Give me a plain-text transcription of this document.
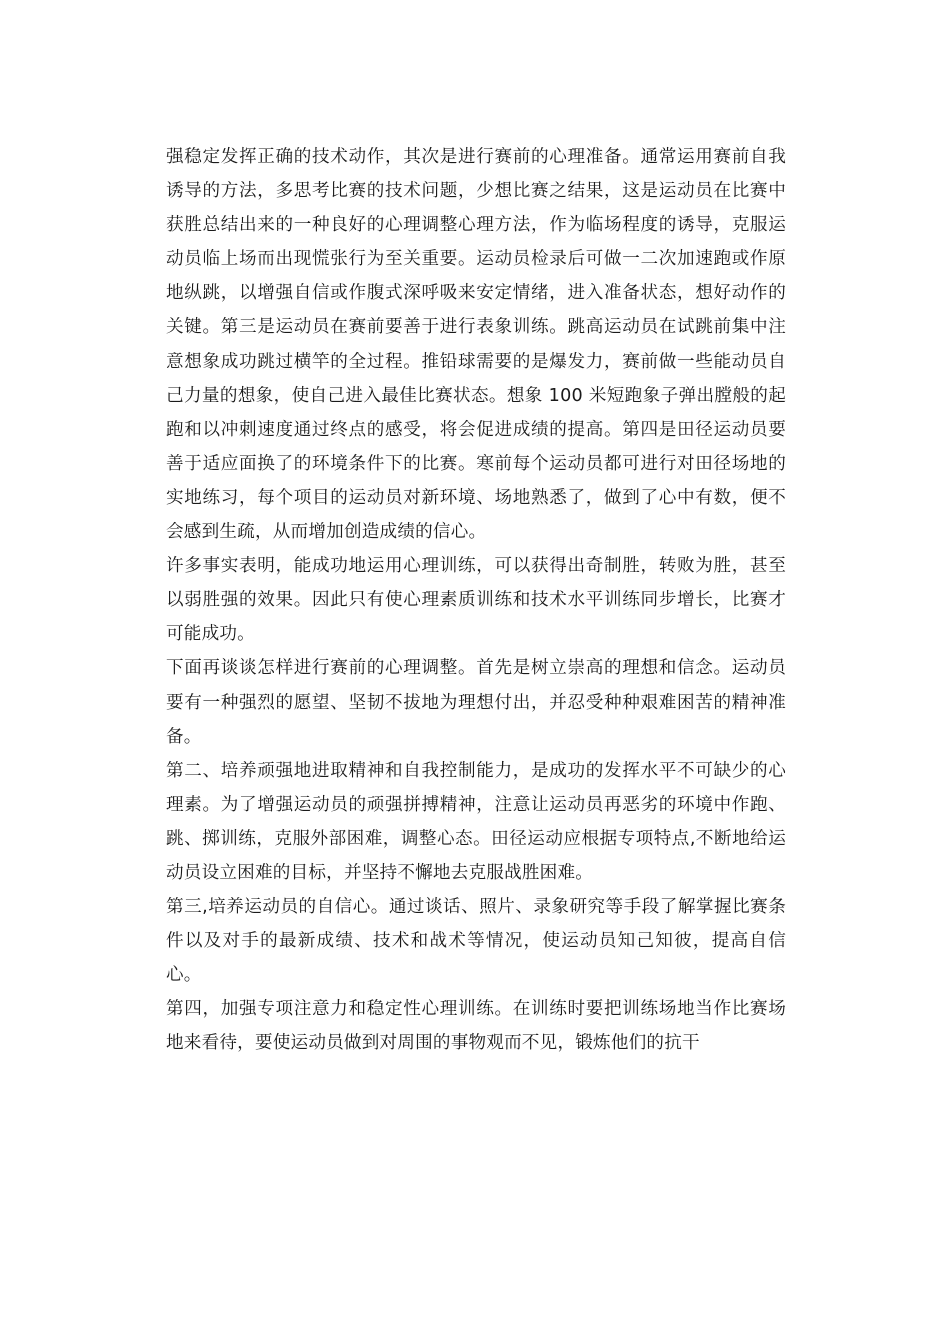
强稳定发挥正确的技术动作，其次是进行赛前的心理准备。通常运用赛前自我诱导的方法，多思考比赛的技术问题，少想比赛之结果，这是运动员在比赛中获胜总结出来的一种良好的心理调整心理方法，作为临场程度的诱导，克服运动员临上场而出现慌张行为至关重要。运动员检录后可做一二次加速跑或作原地纵跳，以增强自信或作腹式深呼吸来安定情绪，进入准备状态，想好动作的关键。第三是运动员在赛前要善于进行表象训练。跳高运动员在试跳前集中注意想象成功跳过横竿的全过程。推铅球需要的是爆发力，赛前做一些能动员自己力量的想象，使自己进入最佳比赛状态。想象 100 米短跑象子弹出膛般的起跑和以冲刺速度通过终点的感受，将会促进成绩的提高。第四是田径运动员要善于适应面换了的环境条件下的比赛。寒前每个运动员都可进行对田径场地的实地练习，每个项目的运动员对新环境、场地熟悉了，做到了心中有数，便不会感到生疏，从而增加创造成绩的信心。

许多事实表明，能成功地运用心理训练，可以获得出奇制胜，转败为胜，甚至以弱胜强的效果。因此只有使心理素质训练和技术水平训练同步增长，比赛才可能成功。

下面再谈谈怎样进行赛前的心理调整。首先是树立崇高的理想和信念。运动员要有一种强烈的愿望、坚韧不拔地为理想付出，并忍受种种艰难困苦的精神准备。

第二、培养顽强地进取精神和自我控制能力，是成功的发挥水平不可缺少的心理素。为了增强运动员的顽强拼搏精神，注意让运动员再恶劣的环境中作跑、跳、掷训练，克服外部困难，调整心态。田径运动应根据专项特点,不断地给运动员设立困难的目标，并坚持不懈地去克服战胜困难。

第三,培养运动员的自信心。通过谈话、照片、录象研究等手段了解掌握比赛条件以及对手的最新成绩、技术和战术等情况，使运动员知己知彼，提高自信心。

第四，加强专项注意力和稳定性心理训练。在训练时要把训练场地当作比赛场地来看待，要使运动员做到对周围的事物观而不见，锻炼他们的抗干
